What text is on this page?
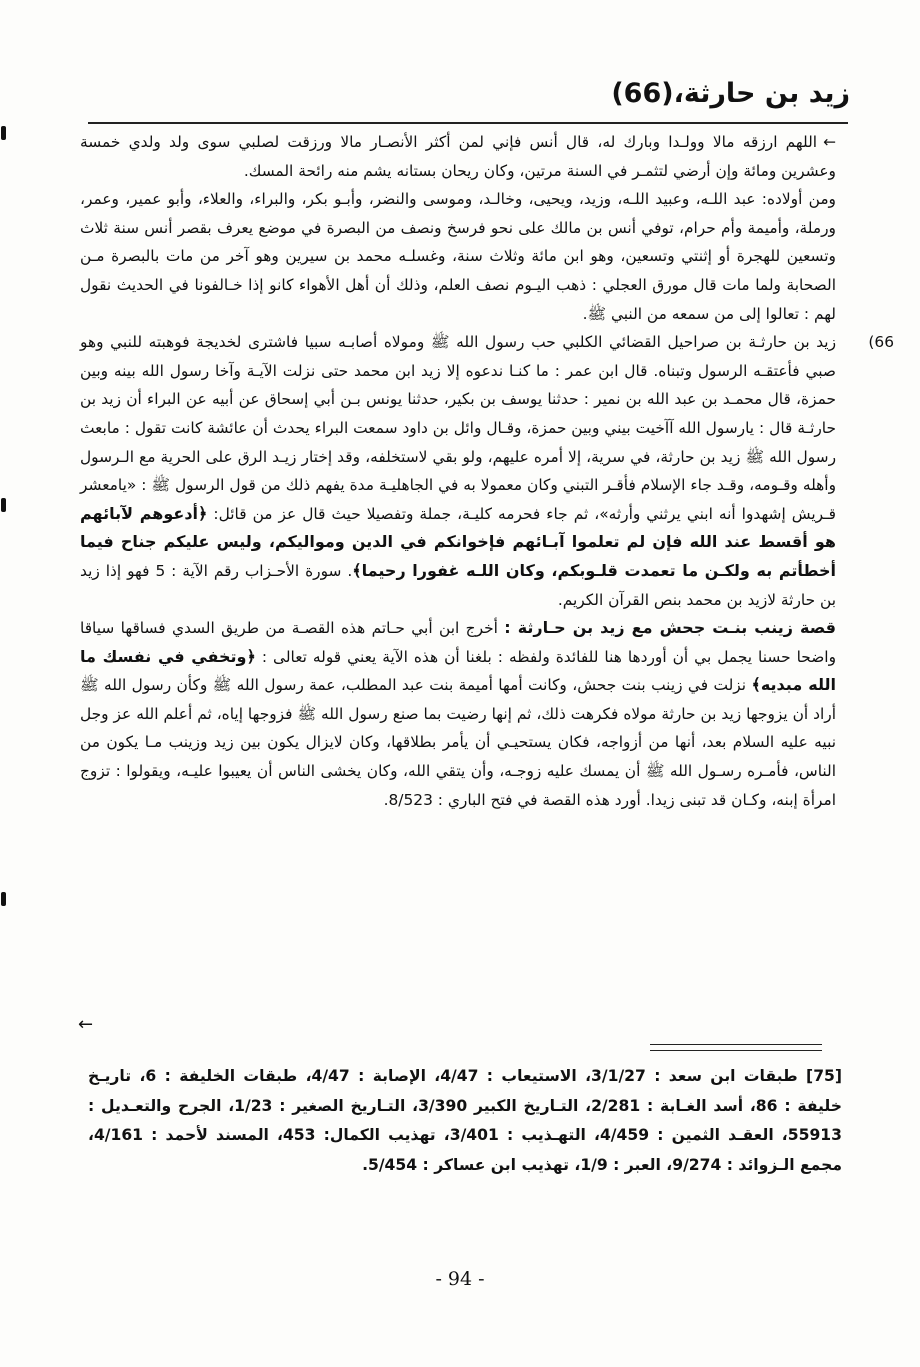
زيد بن حارثة،(66)

←اللهم ارزقه مالا وولـدا وبارك له، قال أنس فإني لمن أكثر الأنصـار مالا ورزقت لصلبي سوى ولد ولدي خمسة وعشرين ومائة وإن أرضي لتثمـر في السنة مرتين، وكان ريحان بستانه يشم منه رائحة المسك.

ومن أولاده: عبد اللـه، وعبيد اللـه، وزيد، ويحيى، وخالـد، وموسى والنضر، وأبـو بكر، والبراء، والعلاء، وأبو عمير، وعمر، ورملة، وأميمة وأم حرام، توفي أنس بن مالك على نحو فرسخ ونصف من البصرة في موضع يعرف بقصر أنس سنة ثلاث وتسعين للهجرة أو إثنتي وتسعين، وهو ابن مائة وثلاث سنة، وغسلـه محمد بن سيرين وهو آخر من مات بالبصرة مـن الصحابة ولما مات قال مورق العجلي : ذهب اليـوم نصف العلم، وذلك أن أهل الأهواء كانو إذا خـالفونا في الحديث نقول لهم : تعالوا إلى من سمعه من النبي ﷺ.

66)
زيد بن حارثـة بن صراحيل القضائي الكلبي حب رسول الله ﷺ ومولاه أصابـه سبيا فاشترى لخديجة فوهبته للنبي وهو صبي فأعتقـه الرسول وتبناه. قال ابن عمر : ما كنـا ندعوه إلا زيد ابن محمد حتى نزلت الآيـة وآخا رسول الله بينه وبين حمزة، قال محمـد بن عبد الله بن نمير : حدثنا يوسف بن بكير، حدثنا يونس بـن أبي إسحاق عن أبيه عن البراء أن زيد بن حارثـة قال : يارسول الله آآخيت بيني وبين حمزة، وقـال وائل بن داود سمعت البراء يحدث أن عائشة كانت تقول : مابعث رسول الله ﷺ زيد بن حارثة، في سرية، إلا أمره عليهم، ولو بقي لاستخلفه، وقد إختار زيـد الرق على الحرية مع الـرسول وأهله وقـومه، وقـد جاء الإسلام فأقـر التبني وكان معمولا به في الجاهليـة مدة يفهم ذلك من قول الرسول ﷺ : «يامعشر قـريش إشهدوا أنه ابني يرثني وأرثه»، ثم جاء فحرمه كليـة، جملة وتفصيلا حيث قال عز من قائل: ﴿أدعوهم لآبائهم هو أقسط عند الله فإن لم تعلموا آبـائهم فإخوانكم في الدين ومواليكم، وليس عليكم جناح فيما أخطأتم به ولكـن ما تعمدت قلـوبكم، وكان اللـه غفورا رحيما﴾. سورة الأحـزاب رقم الآية : 5 فهو إذا زيد بن حارثة لازيد بن محمد بنص القرآن الكريم.

قصة زينب بنـت جحش مع زيد بن حـارثة : أخرج ابن أبي حـاتم هذه القصـة من طريق السدي فساقها سياقا واضحا حسنا يجمل بي أن أوردها هنا للفائدة ولفظه : بلغنا أن هذه الآية يعني قوله تعالى : ﴿وتخفي في نفسك ما الله مبديه﴾ نزلت في زينب بنت جحش، وكانت أمها أميمة بنت عبد المطلب، عمة رسول الله ﷺ وكأن رسول الله ﷺ أراد أن يزوجها زيد بن حارثة مولاه فكرهت ذلك، ثم إنها رضيت بما صنع رسول الله ﷺ فزوجها إياه، ثم أعلم الله عز وجل نبيه عليه السلام بعد، أنها من أزواجه، فكان يستحيـي أن يأمر بطلاقها، وكان لايزال يكون بين زيد وزينب مـا يكون من الناس، فأمـره رسـول الله ﷺ أن يمسك عليه زوجـه، وأن يتقي الله، وكان يخشى الناس أن يعيبوا عليـه، ويقولوا : تزوج امرأة إبنه، وكـان قد تبنى زيدا. أورد هذه القصة في فتح الباري : 8/523.

←

[75] طبقات ابن سعد : 3/1/27، الاستيعاب : 4/47، الإصابة : 4/47، طبقات الخليفة : 6، تاريـخ خليفة : 86، أسد الغـابة : 2/281، التـاريخ الكبير 3/390، التـاريخ الصغير : 1/23، الجرح والتعـديل : 55913، العقـد الثمين : 4/459، التهـذيب : 3/401، تهذيب الكمال: 453، المسند لأحمد : 4/161، مجمع الـزوائد : 9/274، العبر : 1/9، تهذيب ابن عساكر : 5/454.

- 94 -
